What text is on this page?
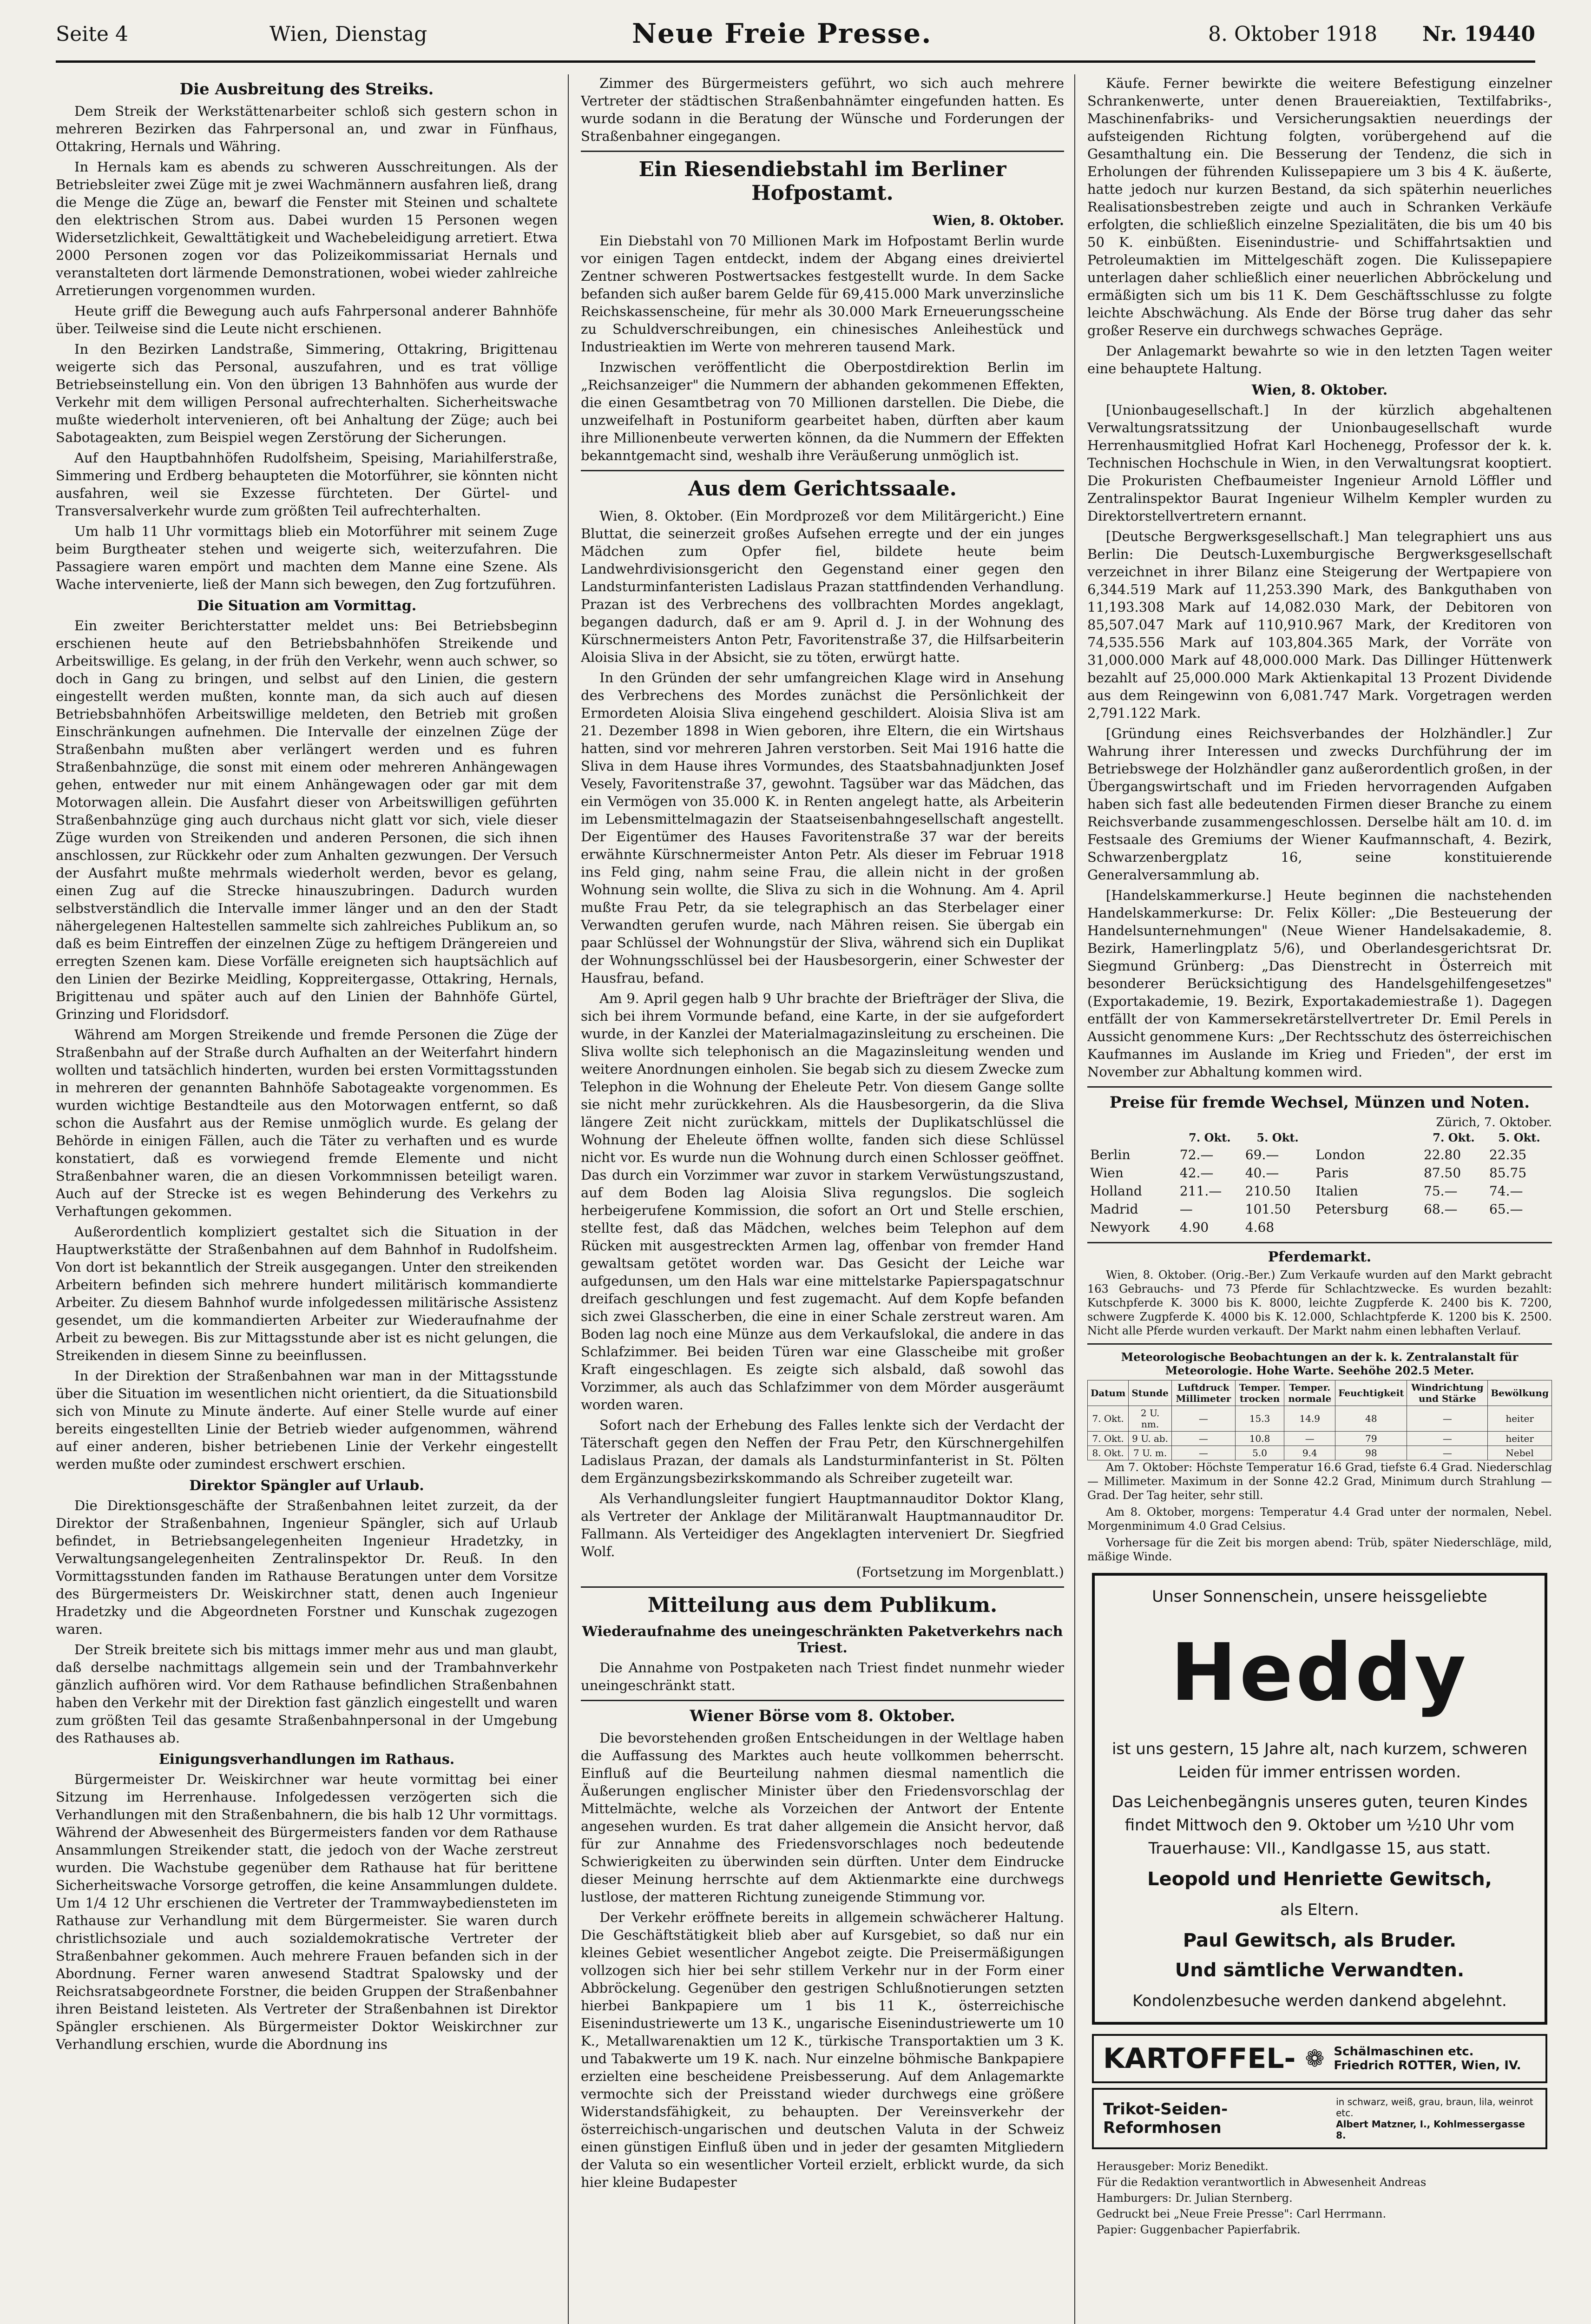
Seite 4	Wien, Dienstag	Neue Freie Presse.	8. Oktober 1918 Nr. 19440
Die Ausbreitung des Streiks.

Dem Streik der Werkstättenarbeiter schloß sich gestern schon in mehreren Bezirken das Fahrpersonal an, und zwar in Fünfhaus, Ottakring, Hernals und Währing.

In Hernals kam es abends zu schweren Ausschreitungen. Als der Betriebsleiter zwei Züge mit je zwei Wachmännern ausfahren ließ, drang die Menge die Züge an, bewarf die Fenster mit Steinen und schaltete den elektrischen Strom aus. Dabei wurden 15 Personen wegen Widersetzlichkeit, Gewalttätigkeit und Wachebeleidigung arretiert. Etwa 2000 Personen zogen vor das Polizeikommissariat Hernals und veranstalteten dort lärmende Demonstrationen, wobei wieder zahlreiche Arretierungen vorgenommen wurden.

Heute griff die Bewegung auch aufs Fahrpersonal anderer Bahnhöfe über. Teilweise sind die Leute nicht erschienen.

In den Bezirken Landstraße, Simmering, Ottakring, Brigittenau weigerte sich das Personal, auszufahren, und es trat völlige Betriebseinstellung ein. Von den übrigen 13 Bahnhöfen aus wurde der Verkehr mit dem willigen Personal aufrechterhalten. Sicherheitswache mußte wiederholt intervenieren, oft bei Anhaltung der Züge; auch bei Sabotageakten, zum Beispiel wegen Zerstörung der Sicherungen.

Auf den Hauptbahnhöfen Rudolfsheim, Speising, Mariahilferstraße, Simmering und Erdberg behaupteten die Motorführer, sie könnten nicht ausfahren, weil sie Exzesse fürchteten. Der Gürtel- und Transversalverkehr wurde zum größten Teil aufrechterhalten.

Um halb 11 Uhr vormittags blieb ein Motorführer mit seinem Zuge beim Burgtheater stehen und weigerte sich, weiterzufahren. Die Passagiere waren empört und machten dem Manne eine Szene. Als Wache intervenierte, ließ der Mann sich bewegen, den Zug fortzuführen.

Die Situation am Vormittag.

Ein zweiter Berichterstatter meldet uns: Bei Betriebsbeginn erschienen heute auf den Betriebsbahnhöfen Streikende und Arbeitswillige. Es gelang, in der früh den Verkehr, wenn auch schwer, so doch in Gang zu bringen, und selbst auf den Linien, die gestern eingestellt werden mußten, konnte man, da sich auch auf diesen Betriebsbahnhöfen Arbeitswillige meldeten, den Betrieb mit großen Einschränkungen aufnehmen. Die Intervalle der einzelnen Züge der Straßenbahn mußten aber verlängert werden und es fuhren Straßenbahnzüge, die sonst mit einem oder mehreren Anhängewagen gehen, entweder nur mit einem Anhängewagen oder gar mit dem Motorwagen allein. Die Ausfahrt dieser von Arbeitswilligen geführten Straßenbahnzüge ging auch durchaus nicht glatt vor sich, viele dieser Züge wurden von Streikenden und anderen Personen, die sich ihnen anschlossen, zur Rückkehr oder zum Anhalten gezwungen. Der Versuch der Ausfahrt mußte mehrmals wiederholt werden, bevor es gelang, einen Zug auf die Strecke hinauszubringen. Dadurch wurden selbstverständlich die Intervalle immer länger und an den der Stadt nähergelegenen Haltestellen sammelte sich zahlreiches Publikum an, so daß es beim Eintreffen der einzelnen Züge zu heftigem Drängereien und erregten Szenen kam. Diese Vorfälle ereigneten sich hauptsächlich auf den Linien der Bezirke Meidling, Koppreitergasse, Ottakring, Hernals, Brigittenau und später auch auf den Linien der Bahnhöfe Gürtel, Grinzing und Floridsdorf.

Während am Morgen Streikende und fremde Personen die Züge der Straßenbahn auf der Straße durch Aufhalten an der Weiterfahrt hindern wollten und tatsächlich hinderten, wurden bei ersten Vormittagsstunden in mehreren der genannten Bahnhöfe Sabotageakte vorgenommen. Es wurden wichtige Bestandteile aus den Motorwagen entfernt, so daß schon die Ausfahrt aus der Remise unmöglich wurde. Es gelang der Behörde in einigen Fällen, auch die Täter zu verhaften und es wurde konstatiert, daß es vorwiegend fremde Elemente und nicht Straßenbahner waren, die an diesen Vorkommnissen beteiligt waren. Auch auf der Strecke ist es wegen Behinderung des Verkehrs zu Verhaftungen gekommen.

Außerordentlich kompliziert gestaltet sich die Situation in der Hauptwerkstätte der Straßenbahnen auf dem Bahnhof in Rudolfsheim. Von dort ist bekanntlich der Streik ausgegangen. Unter den streikenden Arbeitern befinden sich mehrere hundert militärisch kommandierte Arbeiter. Zu diesem Bahnhof wurde infolgedessen militärische Assistenz gesendet, um die kommandierten Arbeiter zur Wiederaufnahme der Arbeit zu bewegen. Bis zur Mittagsstunde aber ist es nicht gelungen, die Streikenden in diesem Sinne zu beeinflussen.

In der Direktion der Straßenbahnen war man in der Mittagsstunde über die Situation im wesentlichen nicht orientiert, da die Situationsbild sich von Minute zu Minute änderte. Auf einer Stelle wurde auf einer bereits eingestellten Linie der Betrieb wieder aufgenommen, während auf einer anderen, bisher betriebenen Linie der Verkehr eingestellt werden mußte oder zumindest erschwert erschien.

Direktor Spängler auf Urlaub.

Die Direktionsgeschäfte der Straßenbahnen leitet zurzeit, da der Direktor der Straßenbahnen, Ingenieur Spängler, sich auf Urlaub befindet, in Betriebsangelegenheiten Ingenieur Hradetzky, in Verwaltungsangelegenheiten Zentralinspektor Dr. Reuß. In den Vormittagsstunden fanden im Rathause Beratungen unter dem Vorsitze des Bürgermeisters Dr. Weiskirchner statt, denen auch Ingenieur Hradetzky und die Abgeordneten Forstner und Kunschak zugezogen waren.

Der Streik breitete sich bis mittags immer mehr aus und man glaubt, daß derselbe nachmittags allgemein sein und der Trambahnverkehr gänzlich aufhören wird. Vor dem Rathause befindlichen Straßenbahnen haben den Verkehr mit der Direktion fast gänzlich eingestellt und waren zum größten Teil das gesamte Straßenbahnpersonal in der Umgebung des Rathauses ab.

Einigungsverhandlungen im Rathaus.

Bürgermeister Dr. Weiskirchner war heute vormittag bei einer Sitzung im Herrenhause. Infolgedessen verzögerten sich die Verhandlungen mit den Straßenbahnern, die bis halb 12 Uhr vormittags. Während der Abwesenheit des Bürgermeisters fanden vor dem Rathause Ansammlungen Streikender statt, die jedoch von der Wache zerstreut wurden. Die Wachstube gegenüber dem Rathause hat für berittene Sicherheitswache Vorsorge getroffen, die keine Ansammlungen duldete. Um 1/4 12 Uhr erschienen die Vertreter der Trammwaybediensteten im Rathause zur Verhandlung mit dem Bürgermeister. Sie waren durch christlichsoziale und auch sozialdemokratische Vertreter der Straßenbahner gekommen. Auch mehrere Frauen befanden sich in der Abordnung. Ferner waren anwesend Stadtrat Spalowsky und der Reichsratsabgeordnete Forstner, die beiden Gruppen der Straßenbahner ihren Beistand leisteten. Als Vertreter der Straßenbahnen ist Direktor Spängler erschienen. Als Bürgermeister Doktor Weiskirchner zur Verhandlung erschien, wurde die Abordnung ins

Zimmer des Bürgermeisters geführt, wo sich auch mehrere Vertreter der städtischen Straßenbahnämter eingefunden hatten. Es wurde sodann in die Beratung der Wünsche und Forderungen der Straßenbahner eingegangen.

Ein Riesendiebstahl im Berliner Hofpostamt.

Wien, 8. Oktober.

Ein Diebstahl von 70 Millionen Mark im Hofpostamt Berlin wurde vor einigen Tagen entdeckt, indem der Abgang eines dreiviertel Zentner schweren Postwertsackes festgestellt wurde. In dem Sacke befanden sich außer barem Gelde für 69,415.000 Mark unverzinsliche Reichskassenscheine, für mehr als 30.000 Mark Erneuerungsscheine zu Schuldverschreibungen, ein chinesisches Anleihestück und Industrieaktien im Werte von mehreren tausend Mark.

Inzwischen veröffentlicht die Oberpostdirektion Berlin im „Reichsanzeiger" die Nummern der abhanden gekommenen Effekten, die einen Gesamtbetrag von 70 Millionen darstellen. Die Diebe, die unzweifelhaft in Postuniform gearbeitet haben, dürften aber kaum ihre Millionenbeute verwerten können, da die Nummern der Effekten bekanntgemacht sind, weshalb ihre Veräußerung unmöglich ist.

Aus dem Gerichtssaale.

Wien, 8. Oktober. (Ein Mordprozeß vor dem Militärgericht.) Eine Bluttat, die seinerzeit großes Aufsehen erregte und der ein junges Mädchen zum Opfer fiel, bildete heute beim Landwehrdivisionsgericht den Gegenstand einer gegen den Landsturminfanteristen Ladislaus Prazan stattfindenden Verhandlung. Prazan ist des Verbrechens des vollbrachten Mordes angeklagt, begangen dadurch, daß er am 9. April d. J. in der Wohnung des Kürschnermeisters Anton Petr, Favoritenstraße 37, die Hilfsarbeiterin Aloisia Sliva in der Absicht, sie zu töten, erwürgt hatte.

In den Gründen der sehr umfangreichen Klage wird in Ansehung des Verbrechens des Mordes zunächst die Persönlichkeit der Ermordeten Aloisia Sliva eingehend geschildert. Aloisia Sliva ist am 21. Dezember 1898 in Wien geboren, ihre Eltern, die ein Wirtshaus hatten, sind vor mehreren Jahren verstorben. Seit Mai 1916 hatte die Sliva in dem Hause ihres Vormundes, des Staatsbahnadjunkten Josef Vesely, Favoritenstraße 37, gewohnt. Tagsüber war das Mädchen, das ein Vermögen von 35.000 K. in Renten angelegt hatte, als Arbeiterin im Lebensmittelmagazin der Staatseisenbahngesellschaft angestellt. Der Eigentümer des Hauses Favoritenstraße 37 war der bereits erwähnte Kürschnermeister Anton Petr. Als dieser im Februar 1918 ins Feld ging, nahm seine Frau, die allein nicht in der großen Wohnung sein wollte, die Sliva zu sich in die Wohnung. Am 4. April mußte Frau Petr, da sie telegraphisch an das Sterbelager einer Verwandten gerufen wurde, nach Mähren reisen. Sie übergab ein paar Schlüssel der Wohnungstür der Sliva, während sich ein Duplikat der Wohnungsschlüssel bei der Hausbesorgerin, einer Schwester der Hausfrau, befand.

Am 9. April gegen halb 9 Uhr brachte der Briefträger der Sliva, die sich bei ihrem Vormunde befand, eine Karte, in der sie aufgefordert wurde, in der Kanzlei der Materialmagazinsleitung zu erscheinen. Die Sliva wollte sich telephonisch an die Magazinsleitung wenden und weitere Anordnungen einholen. Sie begab sich zu diesem Zwecke zum Telephon in die Wohnung der Eheleute Petr. Von diesem Gange sollte sie nicht mehr zurückkehren. Als die Hausbesorgerin, da die Sliva längere Zeit nicht zurückkam, mittels der Duplikatschlüssel die Wohnung der Eheleute öffnen wollte, fanden sich diese Schlüssel nicht vor. Es wurde nun die Wohnung durch einen Schlosser geöffnet. Das durch ein Vorzimmer war zuvor in starkem Verwüstungszustand, auf dem Boden lag Aloisia Sliva regungslos. Die sogleich herbeigerufene Kommission, die sofort an Ort und Stelle erschien, stellte fest, daß das Mädchen, welches beim Telephon auf dem Rücken mit ausgestreckten Armen lag, offenbar von fremder Hand gewaltsam getötet worden war. Das Gesicht der Leiche war aufgedunsen, um den Hals war eine mittelstarke Papierspagatschnur dreifach geschlungen und fest zugemacht. Auf dem Kopfe befanden sich zwei Glasscherben, die eine in einer Schale zerstreut waren. Am Boden lag noch eine Münze aus dem Verkaufslokal, die andere in das Schlafzimmer. Bei beiden Türen war eine Glasscheibe mit großer Kraft eingeschlagen. Es zeigte sich alsbald, daß sowohl das Vorzimmer, als auch das Schlafzimmer von dem Mörder ausgeräumt worden waren.

Sofort nach der Erhebung des Falles lenkte sich der Verdacht der Täterschaft gegen den Neffen der Frau Petr, den Kürschnergehilfen Ladislaus Prazan, der damals als Landsturminfanterist in St. Pölten dem Ergänzungsbezirkskommando als Schreiber zugeteilt war.

Als Verhandlungsleiter fungiert Hauptmannauditor Doktor Klang, als Vertreter der Anklage der Militäranwalt Hauptmannauditor Dr. Fallmann. Als Verteidiger des Angeklagten interveniert Dr. Siegfried Wolf.

(Fortsetzung im Morgenblatt.)

Mitteilung aus dem Publikum.
Wiederaufnahme des uneingeschränkten Paketverkehrs nach Triest.

Die Annahme von Postpaketen nach Triest findet nunmehr wieder uneingeschränkt statt.

Wiener Börse vom 8. Oktober.

Die bevorstehenden großen Entscheidungen in der Weltlage haben die Auffassung des Marktes auch heute vollkommen beherrscht. Einfluß auf die Beurteilung nahmen diesmal namentlich die Äußerungen englischer Minister über den Friedensvorschlag der Mittelmächte, welche als Vorzeichen der Antwort der Entente angesehen wurden. Es trat daher allgemein die Ansicht hervor, daß für zur Annahme des Friedensvorschlages noch bedeutende Schwierigkeiten zu überwinden sein dürften. Unter dem Eindrucke dieser Meinung herrschte auf dem Aktienmarkte eine durchwegs lustlose, der matteren Richtung zuneigende Stimmung vor.

Der Verkehr eröffnete bereits in allgemein schwächerer Haltung. Die Geschäftstätigkeit blieb aber auf Kursgebiet, so daß nur ein kleines Gebiet wesentlicher Angebot zeigte. Die Preisermäßigungen vollzogen sich hier bei sehr stillem Verkehr nur in der Form einer Abbröckelung. Gegenüber den gestrigen Schlußnotierungen setzten hierbei Bankpapiere um 1 bis 11 K., österreichische Eisenindustriewerte um 13 K., ungarische Eisenindustriewerte um 10 K., Metallwarenaktien um 12 K., türkische Transportaktien um 3 K. und Tabakwerte um 19 K. nach. Nur einzelne böhmische Bankpapiere erzielten eine bescheidene Preisbesserung. Auf dem Anlagemarkte vermochte sich der Preisstand wieder durchwegs eine größere Widerstandsfähigkeit, zu behaupten. Der Vereinsverkehr der österreichisch-ungarischen und deutschen Valuta in der Schweiz einen günstigen Einfluß üben und in jeder der gesamten Mitgliedern der Valuta so ein wesentlicher Vorteil erzielt, erblickt wurde, da sich hier kleine Budapester

Käufe. Ferner bewirkte die weitere Befestigung einzelner Schrankenwerte, unter denen Brauereiaktien, Textilfabriks-, Maschinenfabriks- und Versicherungsaktien neuerdings der aufsteigenden Richtung folgten, vorübergehend auf die Gesamthaltung ein. Die Besserung der Tendenz, die sich in Erholungen der führenden Kulissepapiere um 3 bis 4 K. äußerte, hatte jedoch nur kurzen Bestand, da sich späterhin neuerliches Realisationsbestreben zeigte und auch in Schranken Verkäufe erfolgten, die schließlich einzelne Spezialitäten, die bis um 40 bis 50 K. einbüßten. Eisenindustrie- und Schiffahrtsaktien und Petroleumaktien im Mittelgeschäft zogen. Die Kulissepapiere unterlagen daher schließlich einer neuerlichen Abbröckelung und ermäßigten sich um bis 11 K. Dem Geschäftsschlusse zu folgte leichte Abschwächung. Als Ende der Börse trug daher das sehr großer Reserve ein durchwegs schwaches Gepräge.

Der Anlagemarkt bewahrte so wie in den letzten Tagen weiter eine behauptete Haltung.

Wien, 8. Oktober.

[Unionbaugesellschaft.] In der kürzlich abgehaltenen Verwaltungsratssitzung der Unionbaugesellschaft wurde Herrenhausmitglied Hofrat Karl Hochenegg, Professor der k. k. Technischen Hochschule in Wien, in den Verwaltungsrat kooptiert. Die Prokuristen Chefbaumeister Ingenieur Arnold Löffler und Zentralinspektor Baurat Ingenieur Wilhelm Kempler wurden zu Direktorstellvertretern ernannt.

[Deutsche Bergwerksgesellschaft.] Man telegraphiert uns aus Berlin: Die Deutsch-Luxemburgische Bergwerksgesellschaft verzeichnet in ihrer Bilanz eine Steigerung der Wertpapiere von 6,344.519 Mark auf 11,253.390 Mark, des Bankguthaben von 11,193.308 Mark auf 14,082.030 Mark, der Debitoren von 85,507.047 Mark auf 110,910.967 Mark, der Kreditoren von 74,535.556 Mark auf 103,804.365 Mark, der Vorräte von 31,000.000 Mark auf 48,000.000 Mark. Das Dillinger Hüttenwerk bezahlt auf 25,000.000 Mark Aktienkapital 13 Prozent Dividende aus dem Reingewinn von 6,081.747 Mark. Vorgetragen werden 2,791.122 Mark.

[Gründung eines Reichsverbandes der Holzhändler.] Zur Wahrung ihrer Interessen und zwecks Durchführung der im Betriebswege der Holzhändler ganz außerordentlich großen, in der Übergangswirtschaft und im Frieden hervorragenden Aufgaben haben sich fast alle bedeutenden Firmen dieser Branche zu einem Reichsverbande zusammengeschlossen. Derselbe hält am 10. d. im Festsaale des Gremiums der Wiener Kaufmannschaft, 4. Bezirk, Schwarzenbergplatz 16, seine konstituierende Generalversammlung ab.

[Handelskammerkurse.] Heute beginnen die nachstehenden Handelskammerkurse: Dr. Felix Köller: „Die Besteuerung der Handelsunternehmungen" (Neue Wiener Handelsakademie, 8. Bezirk, Hamerlingplatz 5/6), und Oberlandesgerichtsrat Dr. Siegmund Grünberg: „Das Dienstrecht in Österreich mit besonderer Berücksichtigung des Handelsgehilfengesetzes" (Exportakademie, 19. Bezirk, Exportakademiestraße 1). Dagegen entfällt der von Kammersekretärstellvertreter Dr. Emil Perels in Aussicht genommene Kurs: „Der Rechtsschutz des österreichischen Kaufmannes im Auslande im Krieg und Frieden", der erst im November zur Abhaltung kommen wird.

Preise für fremde Wechsel, Münzen und Noten.
Zürich, 7. Oktober.
	7. Okt.	5. Okt.		7. Okt.	5. Okt.
Berlin	72.—	69.—	London	22.80	22.35
Wien	42.—	40.—	Paris	87.50	85.75
Holland	211.—	210.50	Italien	75.—	74.—
Madrid	—	101.50	Petersburg	68.—	65.—
Newyork	4.90	4.68			
Pferdemarkt.

Wien, 8. Oktober. (Orig.-Ber.) Zum Verkaufe wurden auf den Markt gebracht 163 Gebrauchs- und 73 Pferde für Schlachtzwecke. Es wurden bezahlt: Kutschpferde K. 3000 bis K. 8000, leichte Zugpferde K. 2400 bis K. 7200, schwere Zugpferde K. 4000 bis K. 12.000, Schlachtpferde K. 1200 bis K. 2500. Nicht alle Pferde wurden verkauft. Der Markt nahm einen lebhaften Verlauf.

Meteorologische Beobachtungen an der k. k. Zentralanstalt für Meteorologie. Hohe Warte. Seehöhe 202.5 Meter.
Datum	Stunde	Luftdruck Millimeter	Temper. trocken	Temper. normale	Feuchtigkeit	Windrichtung und Stärke	Bewölkung
7. Okt.	2 U. nm.	—	15.3	14.9	48	—	heiter
7. Okt.	9 U. ab.	—	10.8	—	79	—	heiter
8. Okt.	7 U. m.	—	5.0	9.4	98	—	Nebel

Am 7. Oktober: Höchste Temperatur 16.6 Grad, tiefste 6.4 Grad. Niederschlag — Millimeter. Maximum in der Sonne 42.2 Grad, Minimum durch Strahlung — Grad. Der Tag heiter, sehr still.

Am 8. Oktober, morgens: Temperatur 4.4 Grad unter der normalen, Nebel. Morgenminimum 4.0 Grad Celsius.

Vorhersage für die Zeit bis morgen abend: Trüb, später Niederschläge, mild, mäßige Winde.

Unser Sonnenschein, unsere heissgeliebte
Heddy
ist uns gestern, 15 Jahre alt, nach kurzem, schweren Leiden für immer entrissen worden.
Das Leichenbegängnis unseres guten, teuren Kindes findet Mittwoch den 9. Oktober um ½10 Uhr vom Trauerhause: VII., Kandlgasse 15, aus statt.
Leopold und Henriette Gewitsch,
als Eltern.
Paul Gewitsch, als Bruder.
Und sämtliche Verwandten.
Kondolenzbesuche werden dankend abgelehnt.
KARTOFFEL- ❁ Schälmaschinen etc.
Friedrich ROTTER, Wien, IV.
Trikot-Seiden-Reformhosen
in schwarz, weiß, grau, braun, lila, weinrot etc.
Albert Matzner, I., Kohlmessergasse 8.
Herausgeber: Moriz Benedikt.
Für die Redaktion verantwortlich in Abwesenheit Andreas
Hamburgers: Dr. Julian Sternberg.
Gedruckt bei „Neue Freie Presse": Carl Herrmann.
Papier: Guggenbacher Papierfabrik.
